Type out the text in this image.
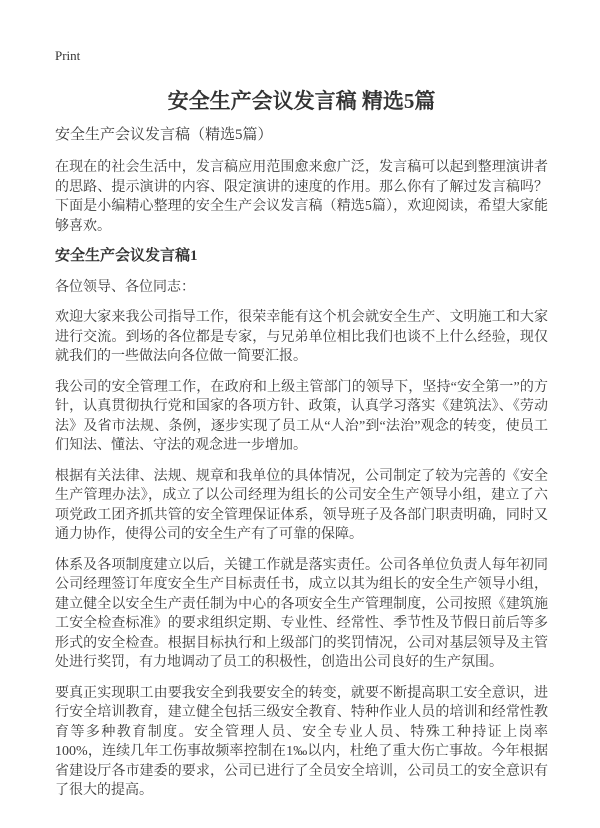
Print
安全生产会议发言稿 精选5篇
安全生产会议发言稿（精选5篇）

在现在的社会生活中，发言稿应用范围愈来愈广泛，发言稿可以起到整理演讲者的思路、提示演讲的内容、限定演讲的速度的作用。那么你有了解过发言稿吗？下面是小编精心整理的安全生产会议发言稿（精选5篇），欢迎阅读，希望大家能够喜欢。

安全生产会议发言稿1

各位领导、各位同志：

欢迎大家来我公司指导工作，很荣幸能有这个机会就安全生产、文明施工和大家进行交流。到场的各位都是专家，与兄弟单位相比我们也谈不上什么经验，现仅就我们的一些做法向各位做一简要汇报。

我公司的安全管理工作，在政府和上级主管部门的领导下，坚持“安全第一”的方针，认真贯彻执行党和国家的各项方针、政策，认真学习落实《建筑法》、《劳动法》及省市法规、条例，逐步实现了员工从“人治”到“法治”观念的转变，使员工们知法、懂法、守法的观念进一步增加。

根据有关法律、法规、规章和我单位的具体情况，公司制定了较为完善的《安全生产管理办法》，成立了以公司经理为组长的公司安全生产领导小组，建立了六项党政工团齐抓共管的安全管理保证体系，领导班子及各部门职责明确，同时又通力协作，使得公司的安全生产有了可靠的保障。

体系及各项制度建立以后，关键工作就是落实责任。公司各单位负责人每年初同公司经理签订年度安全生产目标责任书，成立以其为组长的安全生产领导小组，建立健全以安全生产责任制为中心的各项安全生产管理制度，公司按照《建筑施工安全检查标准》的要求组织定期、专业性、经常性、季节性及节假日前后等多形式的安全检查。根据目标执行和上级部门的奖罚情况，公司对基层领导及主管处进行奖罚，有力地调动了员工的积极性，创造出公司良好的生产氛围。

要真正实现职工由要我安全到我要安全的转变，就要不断提高职工安全意识，进行安全培训教育，建立健全包括三级安全教育、特种作业人员的培训和经常性教育等多种教育制度。安全管理人员、安全专业人员、特殊工种持证上岗率100%，连续几年工伤事故频率控制在1‰以内，杜绝了重大伤亡事故。今年根据省建设厅各市建委的要求，公司已进行了全员安全培训，公司员工的安全意识有了很大的提高。
